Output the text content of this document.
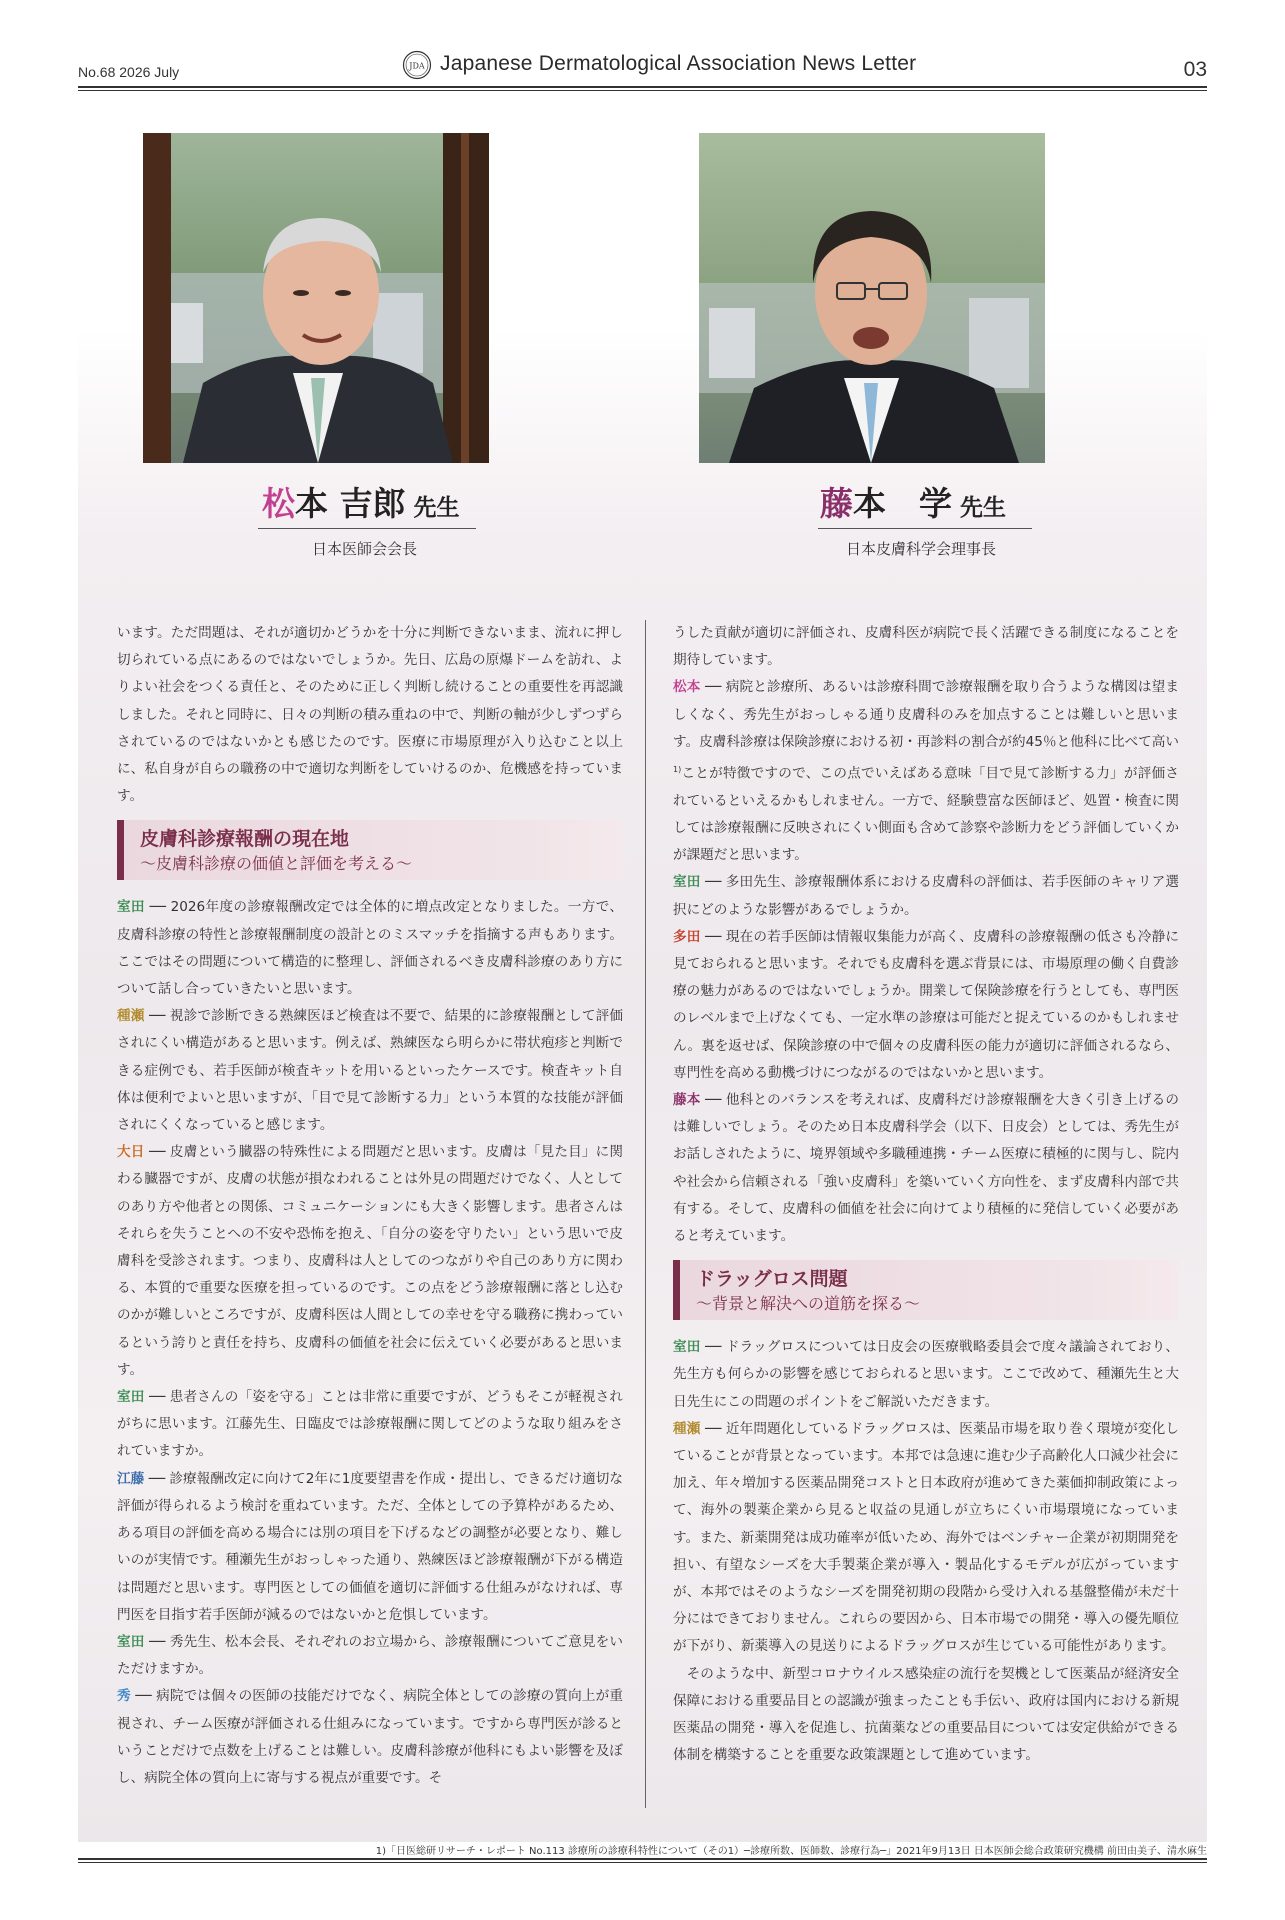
No.68 2026 July	JDA Japanese Dermatological Association News Letter	03
松本 吉郎 先生
日本医師会会長
藤本　学 先生
日本皮膚科学会理事長

います。ただ問題は、それが適切かどうかを十分に判断できないまま、流れに押し切られている点にあるのではないでしょうか。先日、広島の原爆ドームを訪れ、よりよい社会をつくる責任と、そのために正しく判断し続けることの重要性を再認識しました。それと同時に、日々の判断の積み重ねの中で、判断の軸が少しずつずらされているのではないかとも感じたのです。医療に市場原理が入り込むこと以上に、私自身が自らの職務の中で適切な判断をしていけるのか、危機感を持っています。

皮膚科診療報酬の現在地
～皮膚科診療の価値と評価を考える～

室田 ── 2026年度の診療報酬改定では全体的に増点改定となりました。一方で、皮膚科診療の特性と診療報酬制度の設計とのミスマッチを指摘する声もあります。ここではその問題について構造的に整理し、評価されるべき皮膚科診療のあり方について話し合っていきたいと思います。

種瀬 ── 視診で診断できる熟練医ほど検査は不要で、結果的に診療報酬として評価されにくい構造があると思います。例えば、熟練医なら明らかに帯状疱疹と判断できる症例でも、若手医師が検査キットを用いるといったケースです。検査キット自体は便利でよいと思いますが、「目で見て診断する力」という本質的な技能が評価されにくくなっていると感じます。

大日 ── 皮膚という臓器の特殊性による問題だと思います。皮膚は「見た目」に関わる臓器ですが、皮膚の状態が損なわれることは外見の問題だけでなく、人としてのあり方や他者との関係、コミュニケーションにも大きく影響します。患者さんはそれらを失うことへの不安や恐怖を抱え、「自分の姿を守りたい」という思いで皮膚科を受診されます。つまり、皮膚科は人としてのつながりや自己のあり方に関わる、本質的で重要な医療を担っているのです。この点をどう診療報酬に落とし込むのかが難しいところですが、皮膚科医は人間としての幸せを守る職務に携わっているという誇りと責任を持ち、皮膚科の価値を社会に伝えていく必要があると思います。

室田 ── 患者さんの「姿を守る」ことは非常に重要ですが、どうもそこが軽視されがちに思います。江藤先生、日臨皮では診療報酬に関してどのような取り組みをされていますか。

江藤 ── 診療報酬改定に向けて2年に1度要望書を作成・提出し、できるだけ適切な評価が得られるよう検討を重ねています。ただ、全体としての予算枠があるため、ある項目の評価を高める場合には別の項目を下げるなどの調整が必要となり、難しいのが実情です。種瀬先生がおっしゃった通り、熟練医ほど診療報酬が下がる構造は問題だと思います。専門医としての価値を適切に評価する仕組みがなければ、専門医を目指す若手医師が減るのではないかと危惧しています。

室田 ── 秀先生、松本会長、それぞれのお立場から、診療報酬についてご意見をいただけますか。

秀 ── 病院では個々の医師の技能だけでなく、病院全体としての診療の質向上が重視され、チーム医療が評価される仕組みになっています。ですから専門医が診るということだけで点数を上げることは難しい。皮膚科診療が他科にもよい影響を及ぼし、病院全体の質向上に寄与する視点が重要です。そ

うした貢献が適切に評価され、皮膚科医が病院で長く活躍できる制度になることを期待しています。

松本 ── 病院と診療所、あるいは診療科間で診療報酬を取り合うような構図は望ましくなく、秀先生がおっしゃる通り皮膚科のみを加点することは難しいと思います。皮膚科診療は保険診療における初・再診料の割合が約45％と他科に比べて高い$^{1)}$ことが特徴ですので、この点でいえばある意味「目で見て診断する力」が評価されているといえるかもしれません。一方で、経験豊富な医師ほど、処置・検査に関しては診療報酬に反映されにくい側面も含めて診察や診断力をどう評価していくかが課題だと思います。

室田 ── 多田先生、診療報酬体系における皮膚科の評価は、若手医師のキャリア選択にどのような影響があるでしょうか。

多田 ── 現在の若手医師は情報収集能力が高く、皮膚科の診療報酬の低さも冷静に見ておられると思います。それでも皮膚科を選ぶ背景には、市場原理の働く自費診療の魅力があるのではないでしょうか。開業して保険診療を行うとしても、専門医のレベルまで上げなくても、一定水準の診療は可能だと捉えているのかもしれません。裏を返せば、保険診療の中で個々の皮膚科医の能力が適切に評価されるなら、専門性を高める動機づけにつながるのではないかと思います。

藤本 ── 他科とのバランスを考えれば、皮膚科だけ診療報酬を大きく引き上げるのは難しいでしょう。そのため日本皮膚科学会（以下、日皮会）としては、秀先生がお話しされたように、境界領域や多職種連携・チーム医療に積極的に関与し、院内や社会から信頼される「強い皮膚科」を築いていく方向性を、まず皮膚科内部で共有する。そして、皮膚科の価値を社会に向けてより積極的に発信していく必要があると考えています。

ドラッグロス問題
～背景と解決への道筋を探る～

室田 ── ドラッグロスについては日皮会の医療戦略委員会で度々議論されており、先生方も何らかの影響を感じておられると思います。ここで改めて、種瀬先生と大日先生にこの問題のポイントをご解説いただきます。

種瀬 ── 近年問題化しているドラッグロスは、医薬品市場を取り巻く環境が変化していることが背景となっています。本邦では急速に進む少子高齢化人口減少社会に加え、年々増加する医薬品開発コストと日本政府が進めてきた薬価抑制政策によって、海外の製薬企業から見ると収益の見通しが立ちにくい市場環境になっています。また、新薬開発は成功確率が低いため、海外ではベンチャー企業が初期開発を担い、有望なシーズを大手製薬企業が導入・製品化するモデルが広がっていますが、本邦ではそのようなシーズを開発初期の段階から受け入れる基盤整備が未だ十分にはできておりません。これらの要因から、日本市場での開発・導入の優先順位が下がり、新薬導入の見送りによるドラッグロスが生じている可能性があります。

そのような中、新型コロナウイルス感染症の流行を契機として医薬品が経済安全保障における重要品目との認識が強まったことも手伝い、政府は国内における新規医薬品の開発・導入を促進し、抗菌薬などの重要品目については安定供給ができる体制を構築することを重要な政策課題として進めています。

1)「日医総研リサーチ・レポート No.113 診療所の診療科特性について（その1）─診療所数、医師数、診療行為─」2021年9月13日 日本医師会総合政策研究機構 前田由美子、清水麻生
